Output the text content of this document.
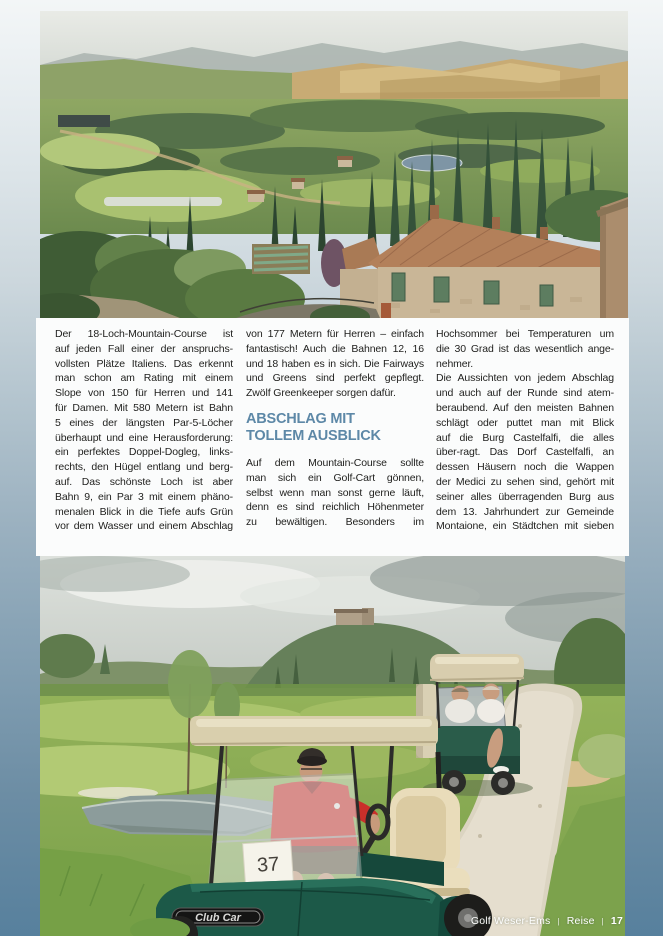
Der 18-Loch-Mountain-Course ist
auf jeden Fall einer der anspruchs-
vollsten Plätze Italiens. Das erkennt
man schon am Rating mit einem
Slope von 150 für Herren und 141
für Damen. Mit 580 Metern ist Bahn
5 eines der längsten Par-5-Löcher
überhaupt und eine Herausforderung:
ein perfektes Doppel-Dogleg, links-
rechts, den Hügel entlang und berg-
auf. Das schönste Loch ist aber
Bahn 9, ein Par 3 mit einem phäno-
menalen Blick in die Tiefe aufs Grün
vor dem Wasser und einem Abschlag
von 177 Metern für Herren – einfach
fantastisch! Auch die Bahnen 12, 16
und 18 haben es in sich. Die Fairways
und Greens sind perfekt gepflegt.
Zwölf Greenkeeper sorgen dafür.
ABSCHLAG MIT
TOLLEM AUSBLICK
Auf dem Mountain-Course sollte
man sich ein Golf-Cart gönnen,
selbst wenn man sonst gerne läuft,
denn es sind reichlich Höhenmeter
zu bewältigen. Besonders im
Hochsommer bei Temperaturen um
die 30 Grad ist das wesentlich ange-
nehmer.
Die Aussichten von jedem Abschlag
und auch auf der Runde sind atem-
beraubend. Auf den meisten Bahnen
schlägt oder puttet man mit Blick
auf die Burg Castelfalfi, die alles
über-ragt. Das Dorf Castelfalfi, an
dessen Häusern noch die Wappen
der Medici zu sehen sind, gehört mit
seiner alles überragenden Burg aus
dem 13. Jahrhundert zur Gemeinde
Montaione, ein Städtchen mit sieben
37
Club Car	Golf Weser-Ems | Reise | 17
